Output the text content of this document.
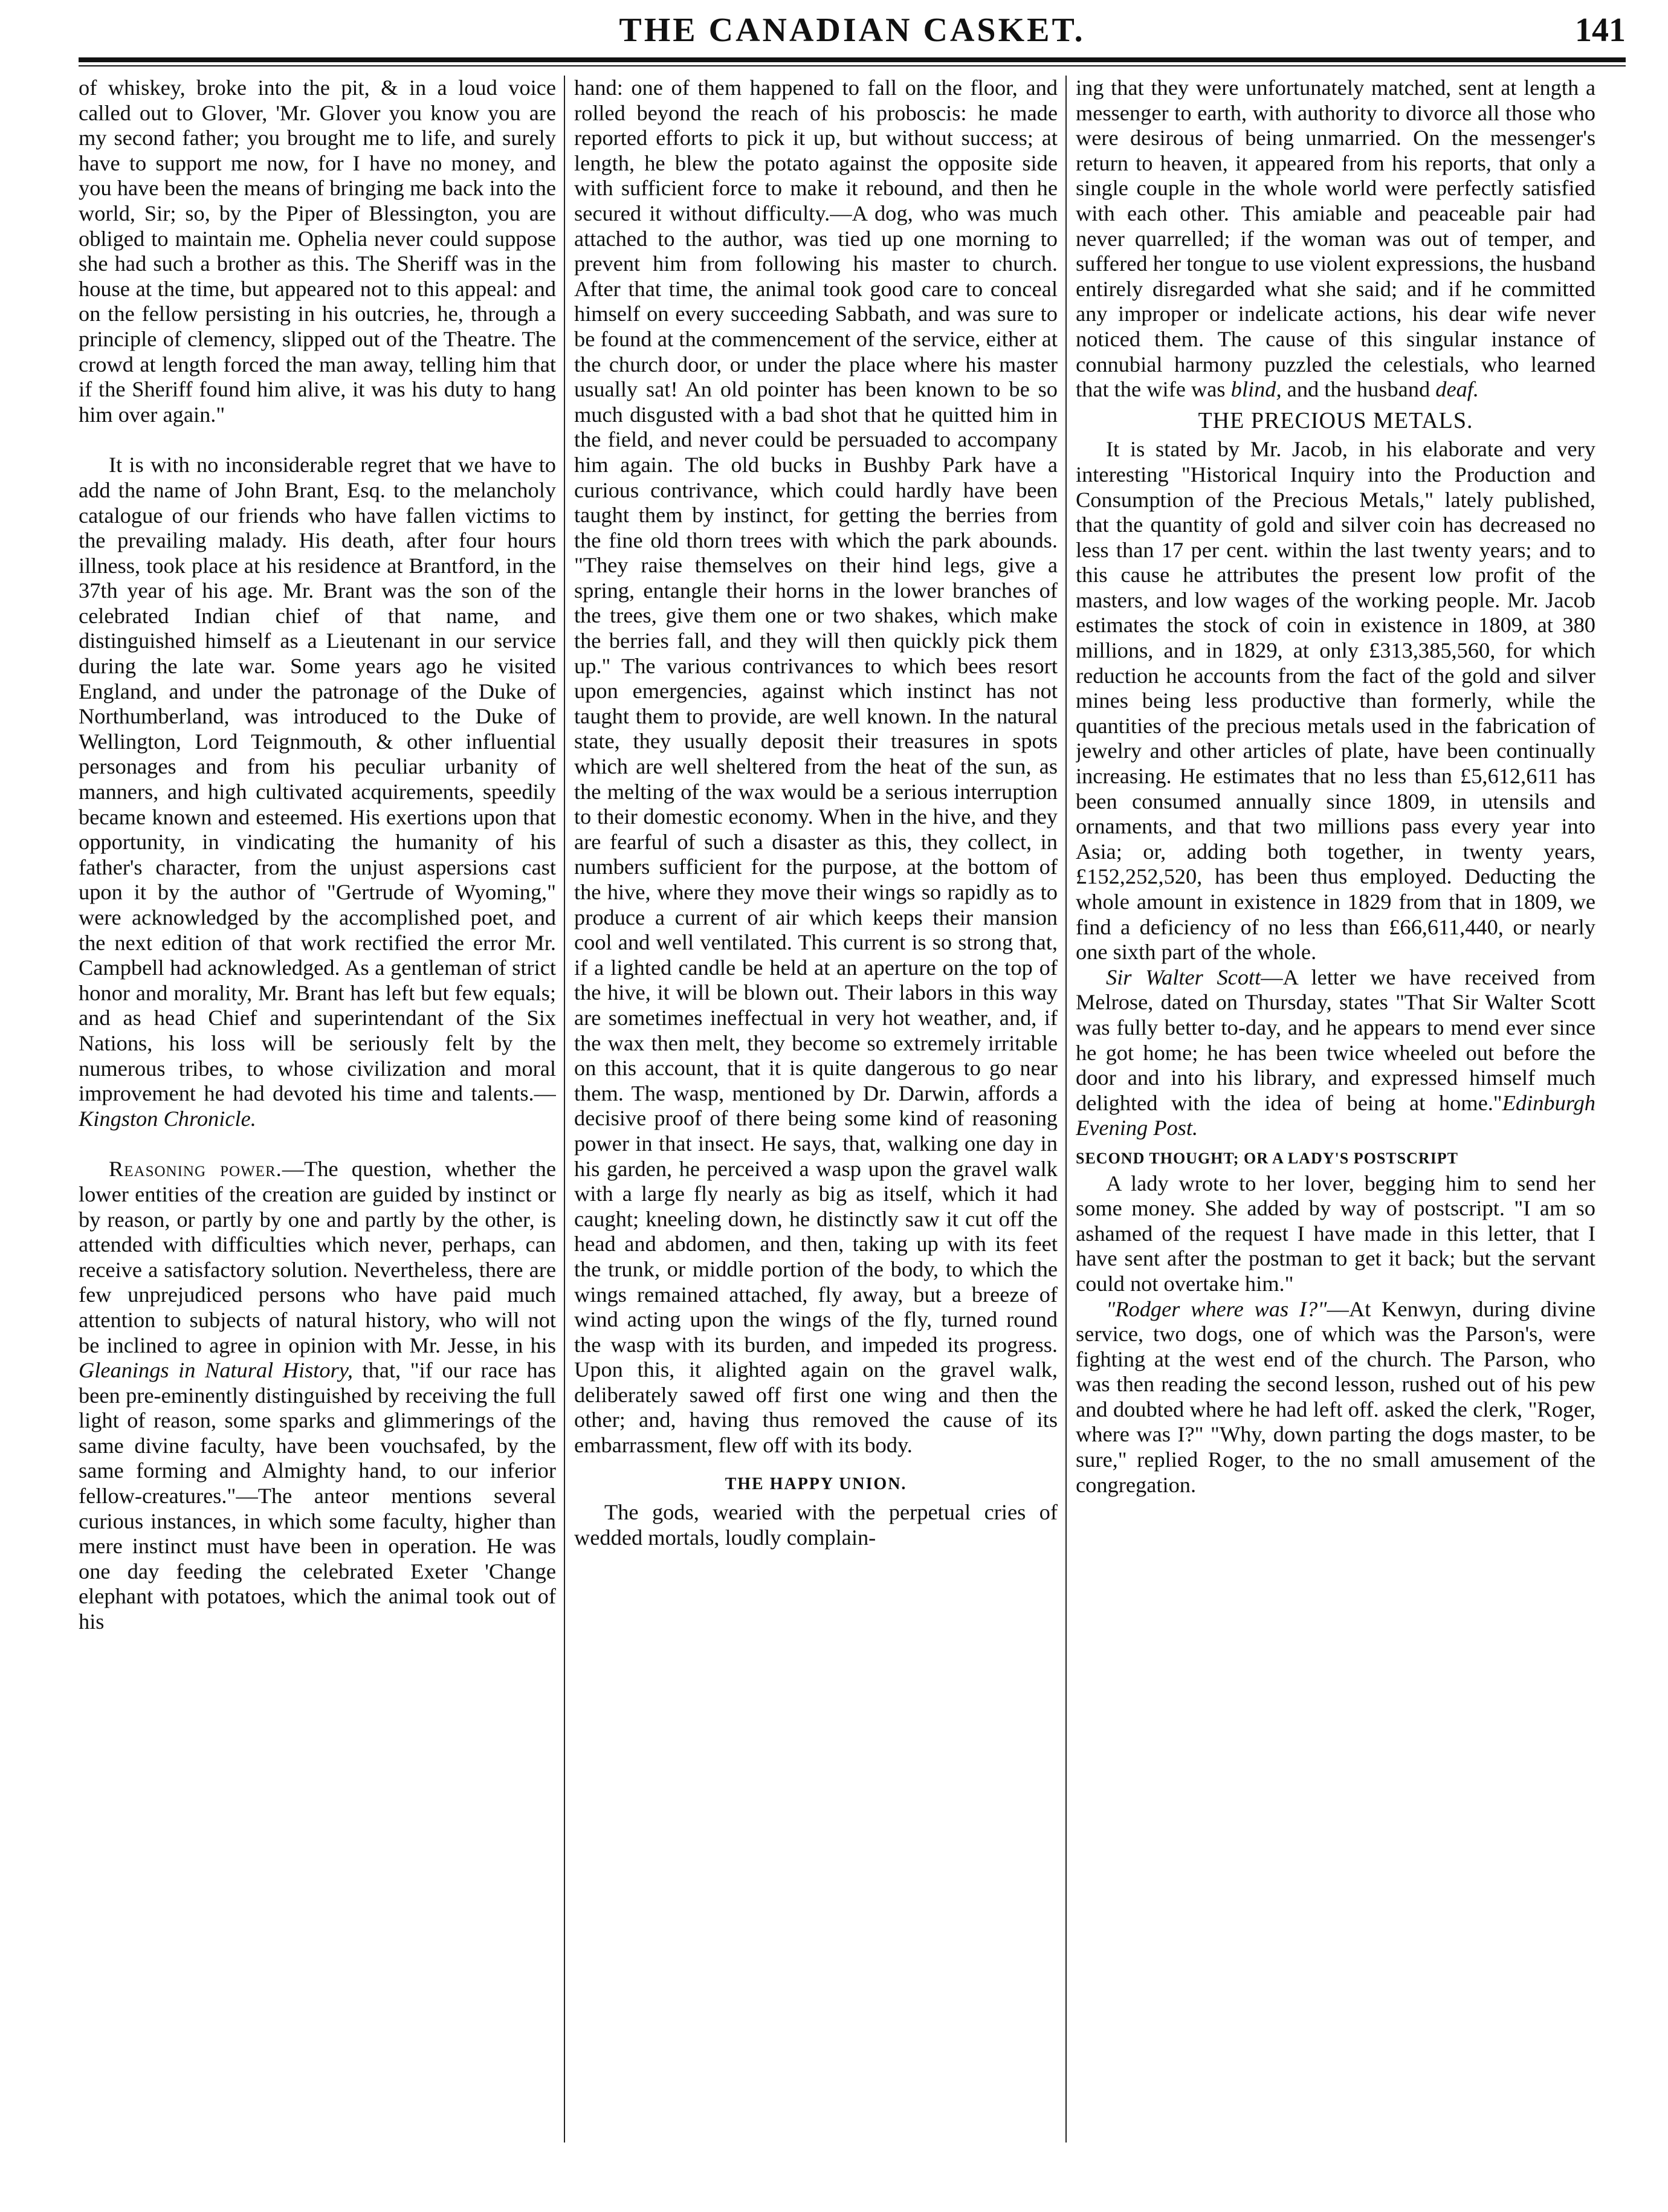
THE CANADIAN CASKET.	141

of whiskey, broke into the pit, & in a loud voice called out to Glover, 'Mr. Glover you know you are my second father; you brought me to life, and surely have to support me now, for I have no money, and you have been the means of bringing me back into the world, Sir; so, by the Piper of Blessington, you are obliged to maintain me. Ophelia never could suppose she had such a brother as this. The Sheriff was in the house at the time, but appeared not to this appeal: and on the fellow persisting in his outcries, he, through a principle of clemency, slipped out of the Theatre. The crowd at length forced the man away, telling him that if the Sheriff found him alive, it was his duty to hang him over again."

It is with no inconsiderable regret that we have to add the name of John Brant, Esq. to the melancholy catalogue of our friends who have fallen victims to the prevailing malady. His death, after four hours illness, took place at his residence at Brantford, in the 37th year of his age. Mr. Brant was the son of the celebrated Indian chief of that name, and distinguished himself as a Lieutenant in our service during the late war. Some years ago he visited England, and under the patronage of the Duke of Northumberland, was introduced to the Duke of Wellington, Lord Teignmouth, & other influential personages and from his peculiar urbanity of manners, and high cultivated acquirements, speedily became known and esteemed. His exertions upon that opportunity, in vindicating the humanity of his father's character, from the unjust aspersions cast upon it by the author of "Gertrude of Wyoming," were acknowledged by the accomplished poet, and the next edition of that work rectified the error Mr. Campbell had acknowledged. As a gentleman of strict honor and morality, Mr. Brant has left but few equals; and as head Chief and superintendant of the Six Nations, his loss will be seriously felt by the numerous tribes, to whose civilization and moral improvement he had devoted his time and talents.—Kingston Chronicle.

Reasoning power.—The question, whether the lower entities of the creation are guided by instinct or by reason, or partly by one and partly by the other, is attended with difficulties which never, perhaps, can receive a satisfactory solution. Nevertheless, there are few unprejudiced persons who have paid much attention to subjects of natural history, who will not be inclined to agree in opinion with Mr. Jesse, in his Gleanings in Natural History, that, "if our race has been pre-eminently distinguished by receiving the full light of reason, some sparks and glimmerings of the same divine faculty, have been vouchsafed, by the same forming and Almighty hand, to our inferior fellow-creatures."—The anteor mentions several curious instances, in which some faculty, higher than mere instinct must have been in operation. He was one day feeding the celebrated Exeter 'Change elephant with potatoes, which the animal took out of his

hand: one of them happened to fall on the floor, and rolled beyond the reach of his proboscis: he made reported efforts to pick it up, but without success; at length, he blew the potato against the opposite side with sufficient force to make it rebound, and then he secured it without difficulty.—A dog, who was much attached to the author, was tied up one morning to prevent him from following his master to church. After that time, the animal took good care to conceal himself on every succeeding Sabbath, and was sure to be found at the commencement of the service, either at the church door, or under the place where his master usually sat! An old pointer has been known to be so much disgusted with a bad shot that he quitted him in the field, and never could be persuaded to accompany him again. The old bucks in Bushby Park have a curious contrivance, which could hardly have been taught them by instinct, for getting the berries from the fine old thorn trees with which the park abounds. "They raise themselves on their hind legs, give a spring, entangle their horns in the lower branches of the trees, give them one or two shakes, which make the berries fall, and they will then quickly pick them up." The various contrivances to which bees resort upon emergencies, against which instinct has not taught them to provide, are well known. In the natural state, they usually deposit their treasures in spots which are well sheltered from the heat of the sun, as the melting of the wax would be a serious interruption to their domestic economy. When in the hive, and they are fearful of such a disaster as this, they collect, in numbers sufficient for the purpose, at the bottom of the hive, where they move their wings so rapidly as to produce a current of air which keeps their mansion cool and well ventilated. This current is so strong that, if a lighted candle be held at an aperture on the top of the hive, it will be blown out. Their labors in this way are sometimes ineffectual in very hot weather, and, if the wax then melt, they become so extremely irritable on this account, that it is quite dangerous to go near them. The wasp, mentioned by Dr. Darwin, affords a decisive proof of there being some kind of reasoning power in that insect. He says, that, walking one day in his garden, he perceived a wasp upon the gravel walk with a large fly nearly as big as itself, which it had caught; kneeling down, he distinctly saw it cut off the head and abdomen, and then, taking up with its feet the trunk, or middle portion of the body, to which the wings remained attached, fly away, but a breeze of wind acting upon the wings of the fly, turned round the wasp with its burden, and impeded its progress. Upon this, it alighted again on the gravel walk, deliberately sawed off first one wing and then the other; and, having thus removed the cause of its embarrassment, flew off with its body.

THE HAPPY UNION.

The gods, wearied with the perpetual cries of wedded mortals, loudly complain-

ing that they were unfortunately matched, sent at length a messenger to earth, with authority to divorce all those who were desirous of being unmarried. On the messenger's return to heaven, it appeared from his reports, that only a single couple in the whole world were perfectly satisfied with each other. This amiable and peaceable pair had never quarrelled; if the woman was out of temper, and suffered her tongue to use violent expressions, the husband entirely disregarded what she said; and if he committed any improper or indelicate actions, his dear wife never noticed them. The cause of this singular instance of connubial harmony puzzled the celestials, who learned that the wife was blind, and the husband deaf.

THE PRECIOUS METALS.

It is stated by Mr. Jacob, in his elaborate and very interesting "Historical Inquiry into the Production and Consumption of the Precious Metals," lately published, that the quantity of gold and silver coin has decreased no less than 17 per cent. within the last twenty years; and to this cause he attributes the present low profit of the masters, and low wages of the working people. Mr. Jacob estimates the stock of coin in existence in 1809, at 380 millions, and in 1829, at only £313,385,560, for which reduction he accounts from the fact of the gold and silver mines being less productive than formerly, while the quantities of the precious metals used in the fabrication of jewelry and other articles of plate, have been continually increasing. He estimates that no less than £5,612,611 has been consumed annually since 1809, in utensils and ornaments, and that two millions pass every year into Asia; or, adding both together, in twenty years, £152,252,520, has been thus employed. Deducting the whole amount in existence in 1829 from that in 1809, we find a deficiency of no less than £66,611,440, or nearly one sixth part of the whole.

Sir Walter Scott—A letter we have received from Melrose, dated on Thursday, states "That Sir Walter Scott was fully better to-day, and he appears to mend ever since he got home; he has been twice wheeled out before the door and into his library, and expressed himself much delighted with the idea of being at home."Edinburgh Evening Post.

SECOND THOUGHT; OR A LADY'S POSTSCRIPT

A lady wrote to her lover, begging him to send her some money. She added by way of postscript. "I am so ashamed of the request I have made in this letter, that I have sent after the postman to get it back; but the servant could not overtake him."

"Rodger where was I?"—At Kenwyn, during divine service, two dogs, one of which was the Parson's, were fighting at the west end of the church. The Parson, who was then reading the second lesson, rushed out of his pew and doubted where he had left off. asked the clerk, "Roger, where was I?" "Why, down parting the dogs master, to be sure," replied Roger, to the no small amusement of the congregation.
